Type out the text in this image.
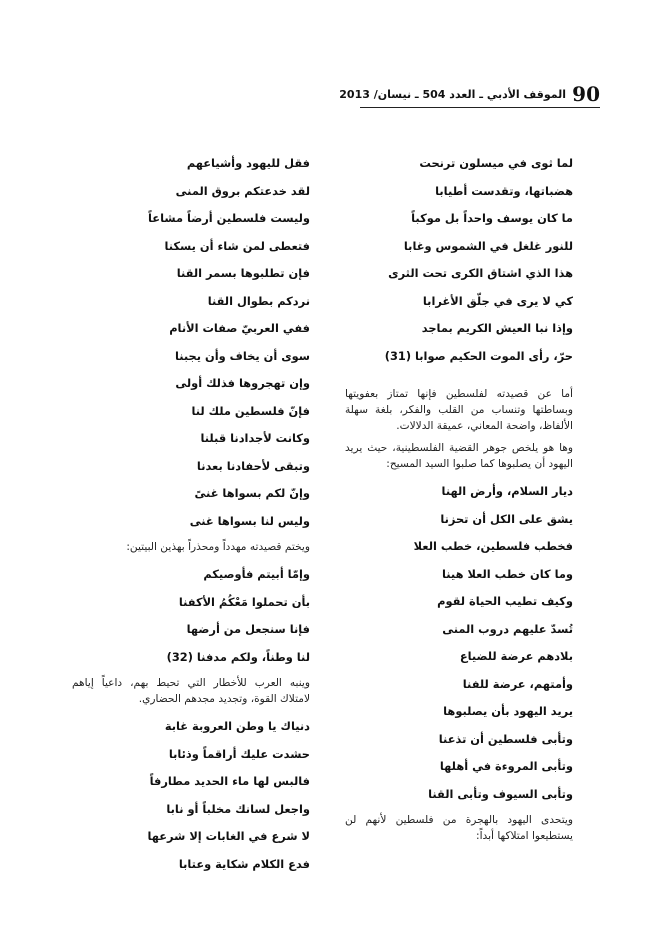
90
الموقف الأدبي ـ العدد 504 ـ نيسان/ 2013
لما ثوى في ميسلون ترنحت
هضباتها، وتقدست أطيابا
ما كان يوسف واحداً بل موكباً
للنور غلغل في الشموس وغابا
هذا الذي اشتاق الكرى تحت الثرى
كي لا يرى في جلّق الأغرابا
وإذا نبا العيش الكريم بماجد
حرّ، رأى الموت الحكيم صوابا (31)

أما عن قصيدته لفلسطين فإنها تمتاز بعفويتها وبساطتها وتنساب من القلب والفكر، بلغة سهلة الألفاظ، واضحة المعاني، عميقة الدلالات.

وها هو يلخص جوهر القضية الفلسطينية، حيث يريد اليهود أن يصلبوها كما صلبوا السيد المسيح:

ديار السلام، وأرض الهنا
يشق على الكل أن تحزنا
فخطب فلسطين، خطب العلا
وما كان خطب العلا هينا
وكيف تطيب الحياة لقوم
تُسدّ عليهم دروب المنى
بلادهم عرضة للضياع
وأمتهم، عرضة للفنا
يريد اليهود بأن يصلبوها
وتأبى فلسطين أن تذعنا
وتأبى المروءة في أهلها
وتأبى السيوف وتأبى القنا

ويتحدى اليهود بالهجرة من فلسطين لأنهم لن يستطيعوا امتلاكها أبداً:

فقل لليهود وأشياعهم
لقد خدعتكم بروق المنى
وليست فلسطين أرضاً مشاعاً
فتعطى لمن شاء أن يسكنا
فإن تطلبوها بسمر القنا
نردكم بطوال القنا
ففي العربيّ صفات الأنام
سوى أن يخاف وأن يجبنا
وإن تهجروها فذلك أولى
فإنّ فلسطين ملك لنا
وكانت لأجدادنا قبلنا
وتبقى لأحفادنا بعدنا
وإنّ لكم بسواها غنىً
وليس لنا بسواها غنى

ويختم قصيدته مهدداً ومحذراً بهذين البيتين:

وإمّا أبيتم فأوصيكم
بأن تحملوا مَعْكُمُ الأكفنا
فإنا سنجعل من أرضها
لنا وطناً، ولكم مدفنا (32)

وينبه العرب للأخطار التي تحيط بهم، داعياً إياهم لامتلاك القوة، وتجديد مجدهم الحضاري.

دنياك يا وطن العروبة غابة
حشدت عليك أراقماً وذئابا
فالبس لها ماء الحديد مطارفاً
واجعل لسانك مخلباً أو نابا
لا شرع في الغابات إلا شرعها
فدع الكلام شكاية وعتابا
